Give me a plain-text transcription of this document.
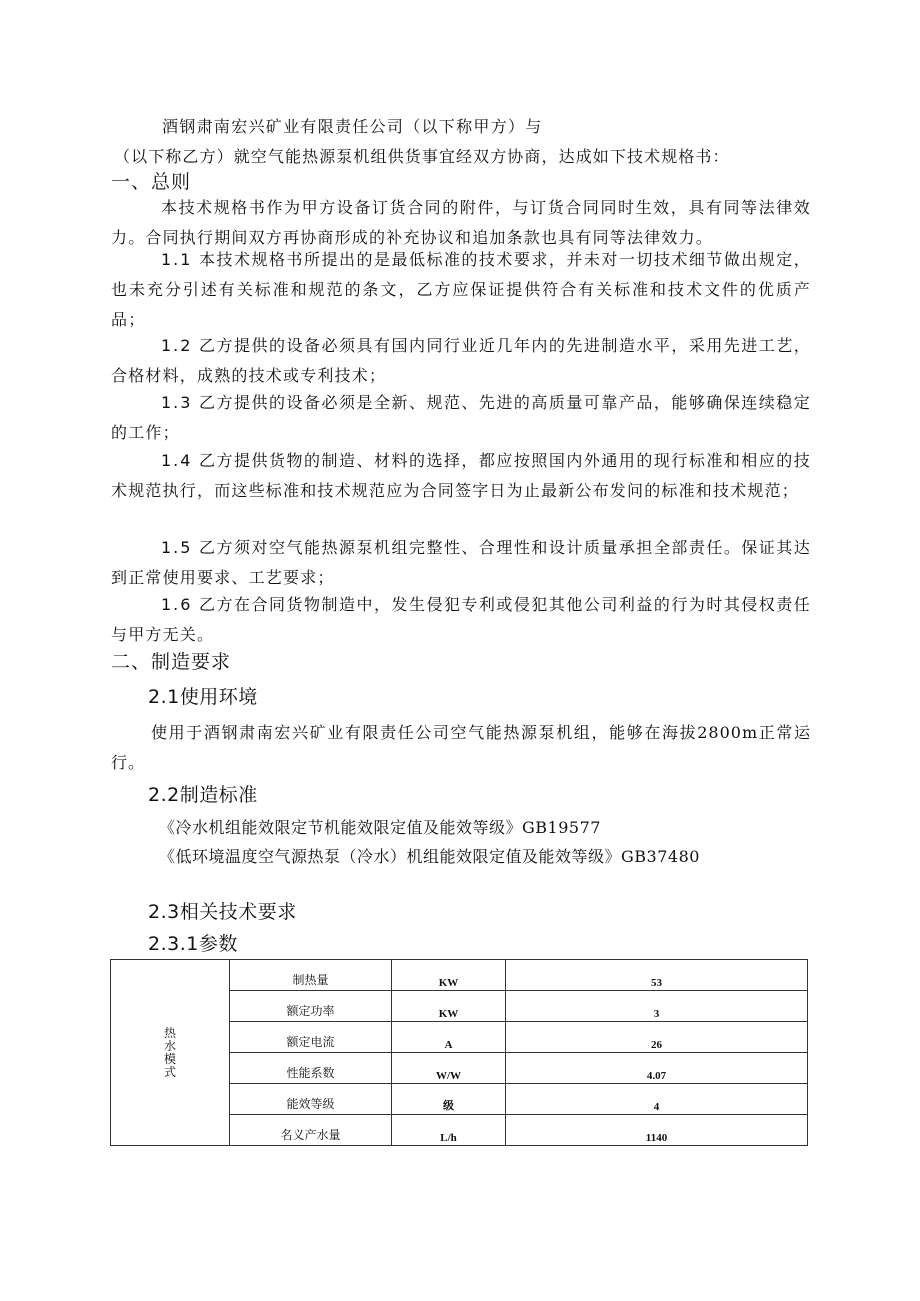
酒钢肃南宏兴矿业有限责任公司（以下称甲方）与
（以下称乙方）就空气能热源泵机组供货事宜经双方协商，达成如下技术规格书：
一、总则
本技术规格书作为甲方设备订货合同的附件，与订货合同同时生效，具有同等法律效力。合同执行期间双方再协商形成的补充协议和追加条款也具有同等法律效力。
1.1 本技术规格书所提出的是最低标准的技术要求，并未对一切技术细节做出规定，也未充分引述有关标准和规范的条文，乙方应保证提供符合有关标准和技术文件的优质产品；
1.2 乙方提供的设备必须具有国内同行业近几年内的先进制造水平，采用先进工艺，合格材料，成熟的技术或专利技术；
1.3 乙方提供的设备必须是全新、规范、先进的高质量可靠产品，能够确保连续稳定的工作；
1.4 乙方提供货物的制造、材料的选择，都应按照国内外通用的现行标准和相应的技术规范执行，而这些标准和技术规范应为合同签字日为止最新公布发问的标准和技术规范；
1.5 乙方须对空气能热源泵机组完整性、合理性和设计质量承担全部责任。保证其达到正常使用要求、工艺要求；
1.6 乙方在合同货物制造中，发生侵犯专利或侵犯其他公司利益的行为时其侵权责任与甲方无关。
二、制造要求
2.1使用环境
使用于酒钢肃南宏兴矿业有限责任公司空气能热源泵机组，能够在海拔2800m正常运行。
2.2制造标准
《冷水机组能效限定节机能效限定值及能效等级》GB19577
《低环境温度空气源热泵（冷水）机组能效限定值及能效等级》GB37480
2.3相关技术要求
2.3.1参数
热水模式	制热量	KW	53
	额定功率	KW	3
	额定电流	A	26
	性能系数	W/W	4.07
	能效等级	级	4
	名义产水量	L/h	1140
